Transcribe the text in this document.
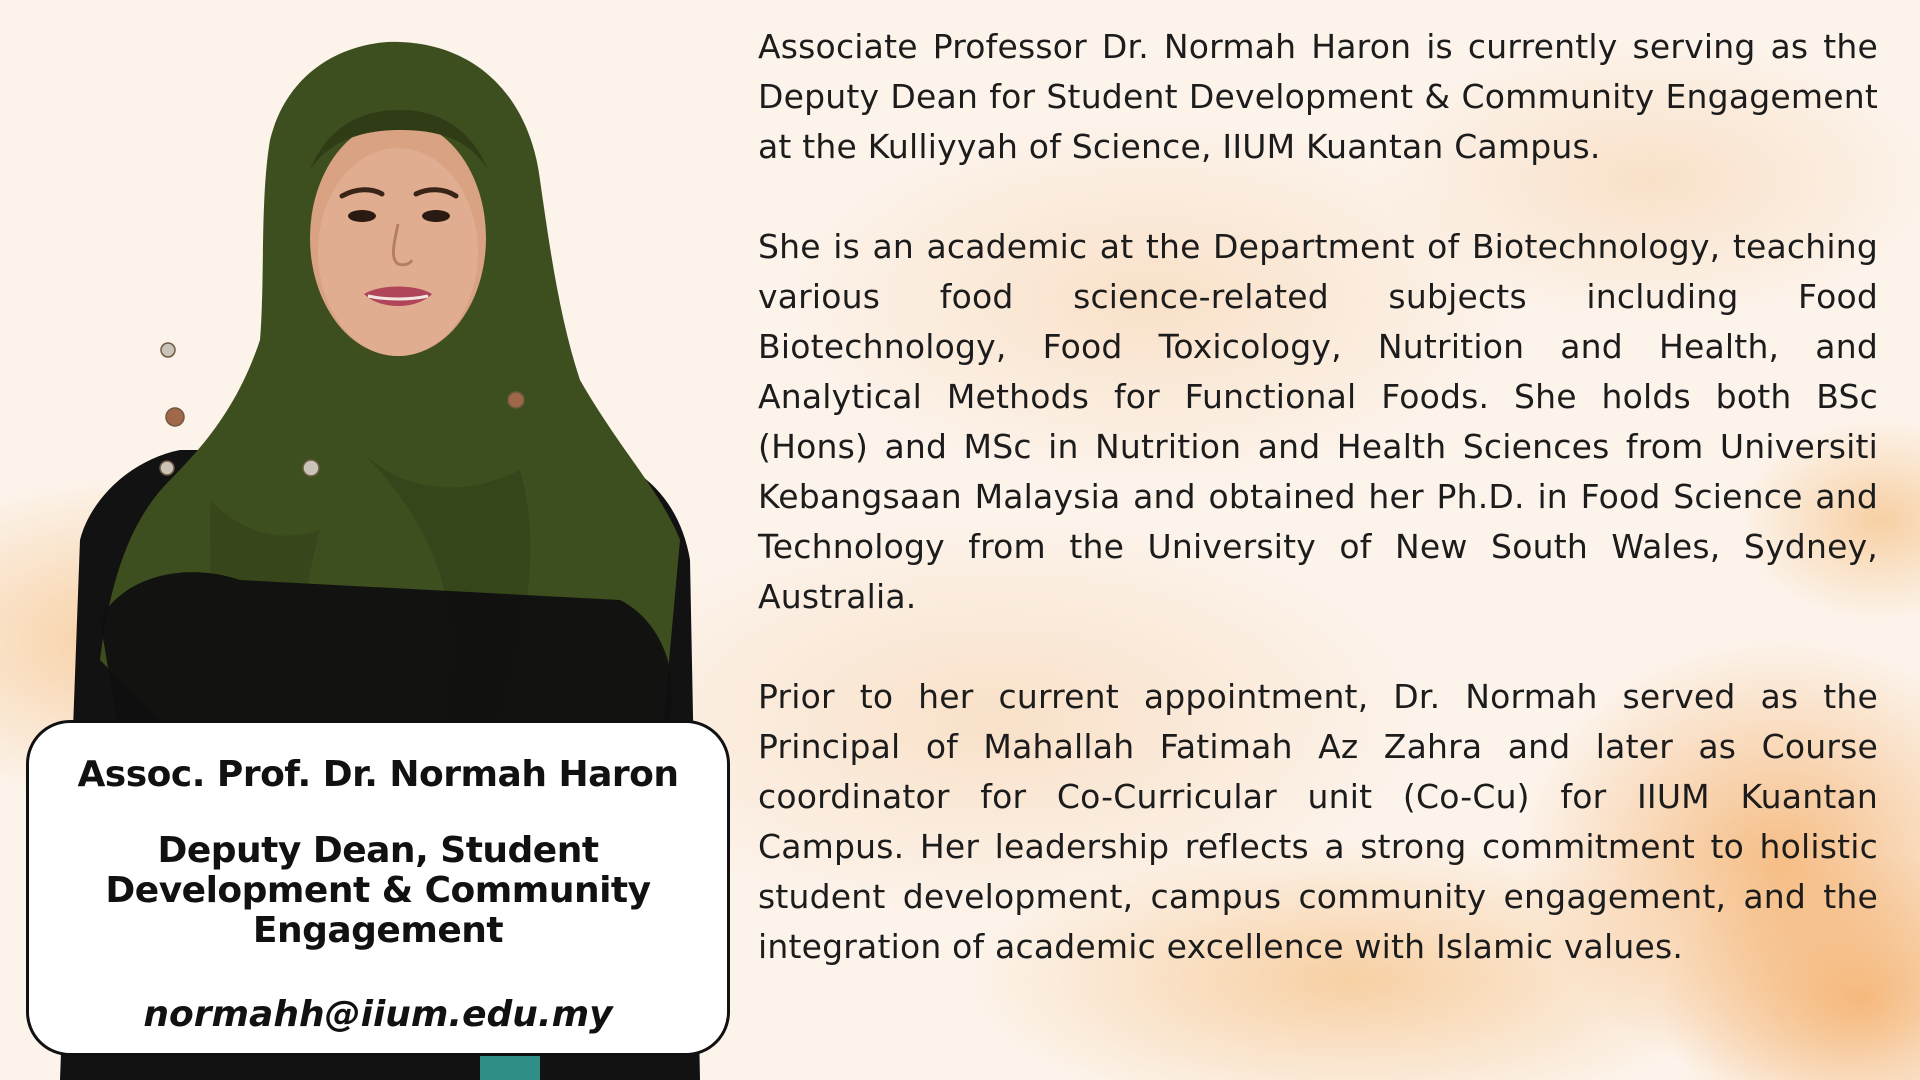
Assoc. Prof. Dr. Normah Haron
Deputy Dean, Student Development & Community Engagement
normahh@iium.edu.my

Associate Professor Dr. Normah Haron is currently serving as the Deputy Dean for Student Development & Community Engagement at the Kulliyyah of Science, IIUM Kuantan Campus.

She is an academic at the Department of Biotechnology, teaching various food science-related subjects including Food Biotechnology, Food Toxicology, Nutrition and Health, and Analytical Methods for Functional Foods. She holds both BSc (Hons) and MSc in Nutrition and Health Sciences from Universiti Kebangsaan Malaysia and obtained her Ph.D. in Food Science and Technology from the University of New South Wales, Sydney, Australia.

Prior to her current appointment, Dr. Normah served as the Principal of Mahallah Fatimah Az Zahra and later as Course coordinator for Co-Curricular unit (Co-Cu) for IIUM Kuantan Campus. Her leadership reflects a strong commitment to holistic student development, campus community engagement, and the integration of academic excellence with Islamic values.
